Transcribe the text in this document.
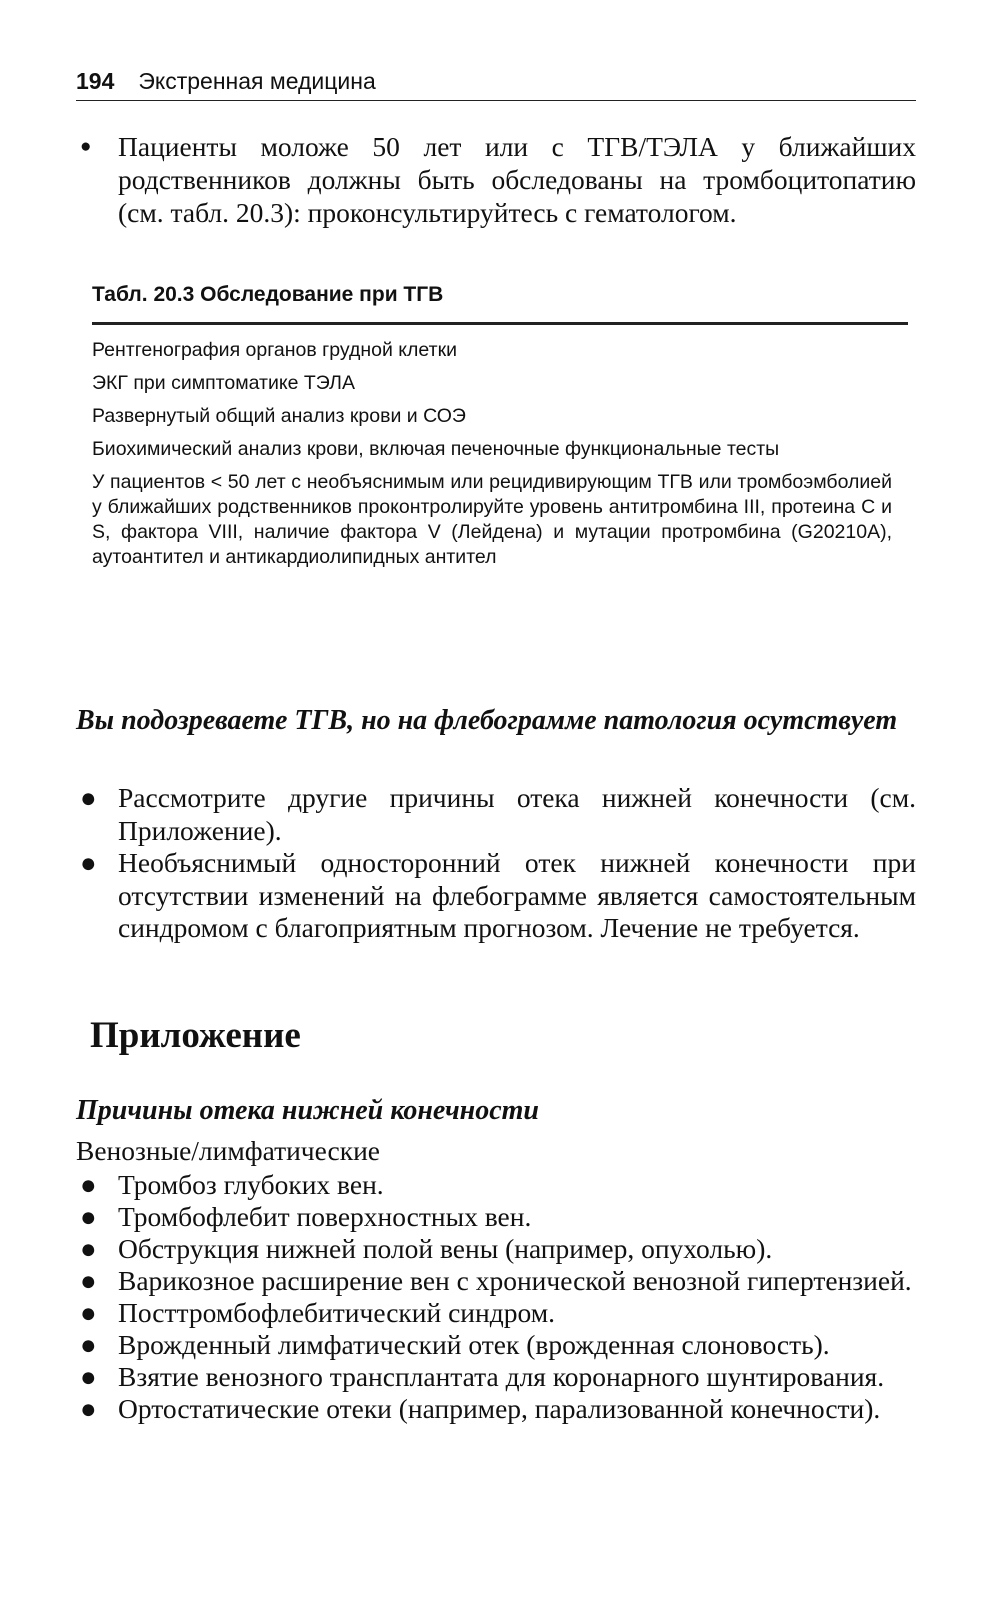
194 Экстренная медицина
● Пациенты моложе 50 лет или с ТГВ/ТЭЛА у ближайших родственников должны быть обследованы на тромбоцитопатию (см. табл. 20.3): проконсультируйтесь с гематологом.
Табл. 20.3 Обследование при ТГВ
Рентгенография органов грудной клетки
ЭКГ при симптоматике ТЭЛА
Развернутый общий анализ крови и СОЭ
Биохимический анализ крови, включая печеночные функциональные тесты
У пациентов < 50 лет с необъяснимым или рецидивирующим ТГВ или тромбоэмболией у ближайших родственников проконтролируйте уровень антитромбина III, протеина C и S, фактора VIII, наличие фактора V (Лейдена) и мутации протромбина (G20210A), аутоантител и антикардиолипидных антител
Вы подозреваете ТГВ, но на флебограмме патология осутствует
● Рассмотрите другие причины отека нижней конечности (см. Приложение).
● Необъяснимый односторонний отек нижней конечности при отсутствии изменений на флебограмме является самостоятельным синдромом с благоприятным прогнозом. Лечение не требуется.
Приложение
Причины отека нижней конечности
Венозные/лимфатические
● Тромбоз глубоких вен.
● Тромбофлебит поверхностных вен.
● Обструкция нижней полой вены (например, опухолью).
● Варикозное расширение вен с хронической венозной гипертензией.
● Посттромбофлебитический синдром.
● Врожденный лимфатический отек (врожденная слоновость).
● Взятие венозного трансплантата для коронарного шунтирования.
● Ортостатические отеки (например, парализованной конечности).
